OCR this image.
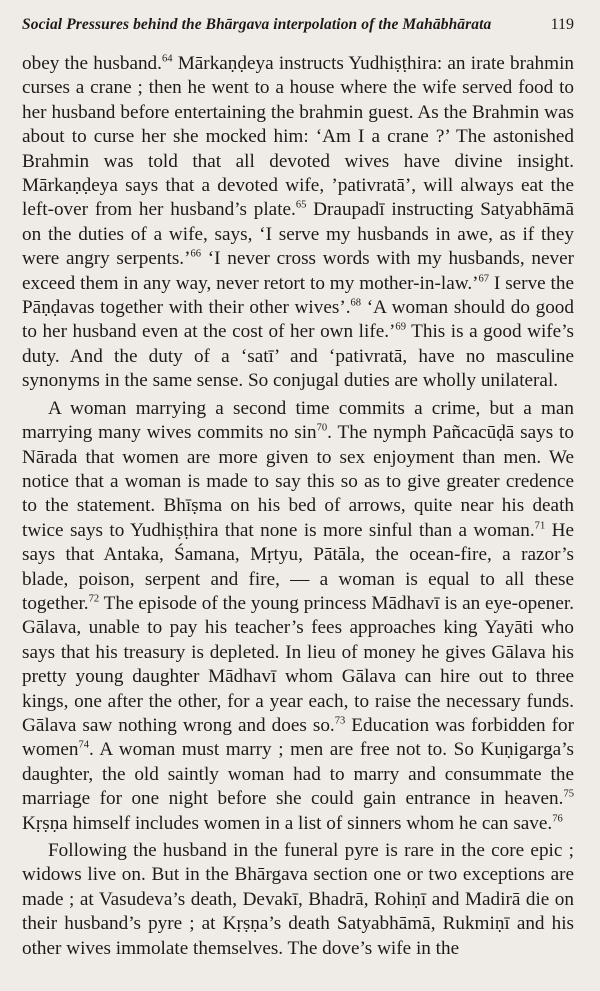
Social Pressures behind the Bhārgava interpolation of the Mahābhārata	119

obey the husband.$^{64}$ Mārkaṇḍeya instructs Yudhiṣṭhira: an irate brahmin curses a crane ; then he went to a house where the wife served food to her husband before entertaining the brahmin guest. As the Brahmin was about to curse her she mocked him: ‘Am I a crane ?’ The astonished Brahmin was told that all devoted wives have divine insight. Mārkaṇḍeya says that a devoted wife, ’pativratā’, will always eat the left-over from her husband’s plate.$^{65}$ Draupadī instructing Satyabhāmā on the duties of a wife, says, ‘I serve my husbands in awe, as if they were angry serpents.’$^{66}$ ‘I never cross words with my husbands, never exceed them in any way, never retort to my mother-in-law.’$^{67}$ I serve the Pāṇḍavas together with their other wives’.$^{68}$ ‘A woman should do good to her husband even at the cost of her own life.’$^{69}$ This is a good wife’s duty. And the duty of a ‘satī’ and ‘pativratā, have no masculine synonyms in the same sense. So conjugal duties are wholly unilateral.

A woman marrying a second time commits a crime, but a man marrying many wives commits no $\sin^{70}$. The nymph Pañcacūḍā says to Nārada that women are more given to sex enjoyment than men. We notice that a woman is made to say this so as to give greater credence to the statement. Bhīṣma on his bed of arrows, quite near his death twice says to Yudhiṣṭhira that none is more sinful than a woman.$^{71}$ He says that Antaka, Śamana, Mṛtyu, Pātāla, the ocean-fire, a razor’s blade, poison, serpent and fire, — a woman is equal to all these together.$^{72}$ The episode of the young princess Mādhavī is an eye-opener. Gālava, unable to pay his teacher’s fees approaches king Yayāti who says that his treasury is depleted. In lieu of money he gives Gālava his pretty young daughter Mādhavī whom Gālava can hire out to three kings, one after the other, for a year each, to raise the necessary funds. Gālava saw nothing wrong and does so.$^{73}$ Education was forbidden for women$^{74}$. A woman must marry ; men are free not to. So Kuṇigarga’s daughter, the old saintly woman had to marry and consummate the marriage for one night before she could gain entrance in heaven.$^{75}$ Kṛṣṇa himself includes women in a list of sinners whom he can save.$^{76}$

Following the husband in the funeral pyre is rare in the core epic ; widows live on. But in the Bhārgava section one or two exceptions are made ; at Vasudeva’s death, Devakī, Bhadrā, Rohiṇī and Madirā die on their husband’s pyre ; at Kṛṣṇa’s death Satyabhāmā, Rukmiṇī and his other wives immolate themselves. The dove’s wife in the
